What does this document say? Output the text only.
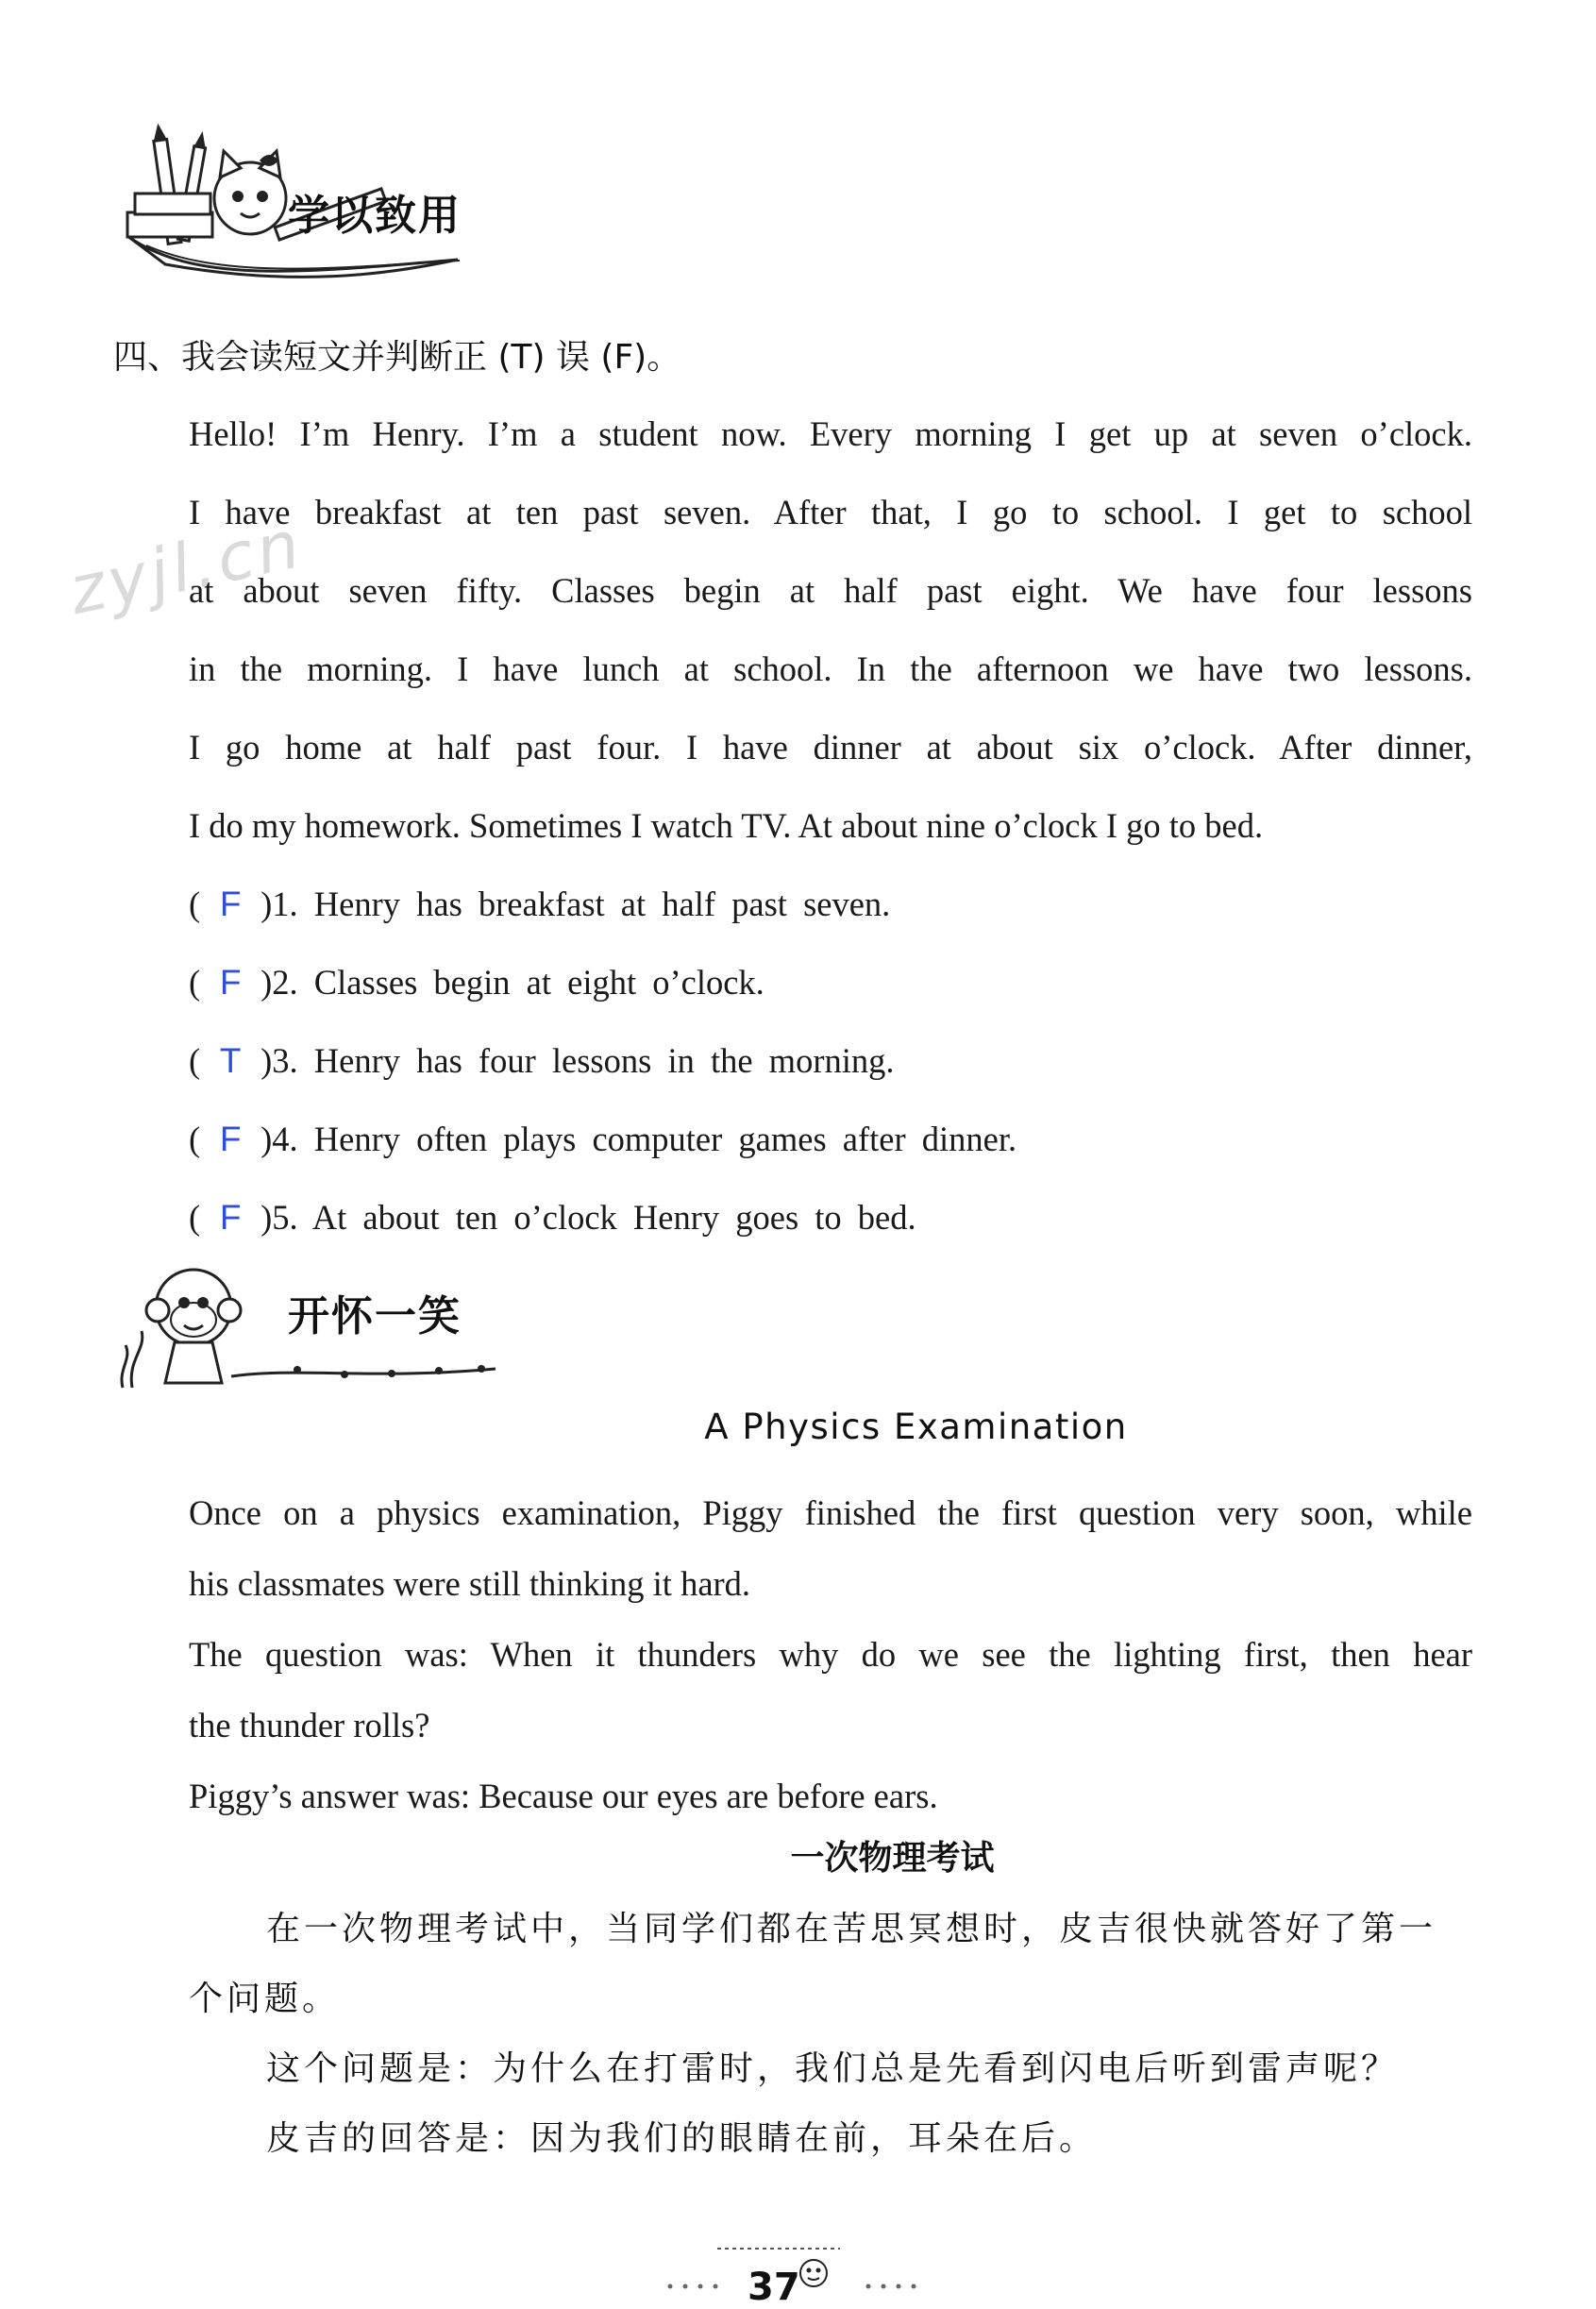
学以致用
四、我会读短文并判断正 (T) 误 (F)。
zyjl.cn
Hello! I’m Henry. I’m a student now. Every morning I get up at seven o’clock.
I have breakfast at ten past seven. After that, I go to school. I get to school
at about seven fifty. Classes begin at half past eight. We have four lessons
in the morning. I have lunch at school. In the afternoon we have two lessons.
I go home at half past four. I have dinner at about six o’clock. After dinner,
I do my homework. Sometimes I watch TV. At about nine o’clock I go to bed.
( F )1. Henry has breakfast at half past seven.
( F )2. Classes begin at eight o’clock.
( T )3. Henry has four lessons in the morning.
( F )4. Henry often plays computer games after dinner.
( F )5. At about ten o’clock Henry goes to bed.
开怀一笑
A Physics Examination
Once on a physics examination, Piggy finished the first question very soon, while
his classmates were still thinking it hard.
The question was: When it thunders why do we see the lighting first, then hear
the thunder rolls?
Piggy’s answer was: Because our eyes are before ears.
一次物理考试
在一次物理考试中，当同学们都在苦思冥想时，皮吉很快就答好了第一
个问题。
这个问题是：为什么在打雷时，我们总是先看到闪电后听到雷声呢？
皮吉的回答是：因为我们的眼睛在前，耳朵在后。
37
